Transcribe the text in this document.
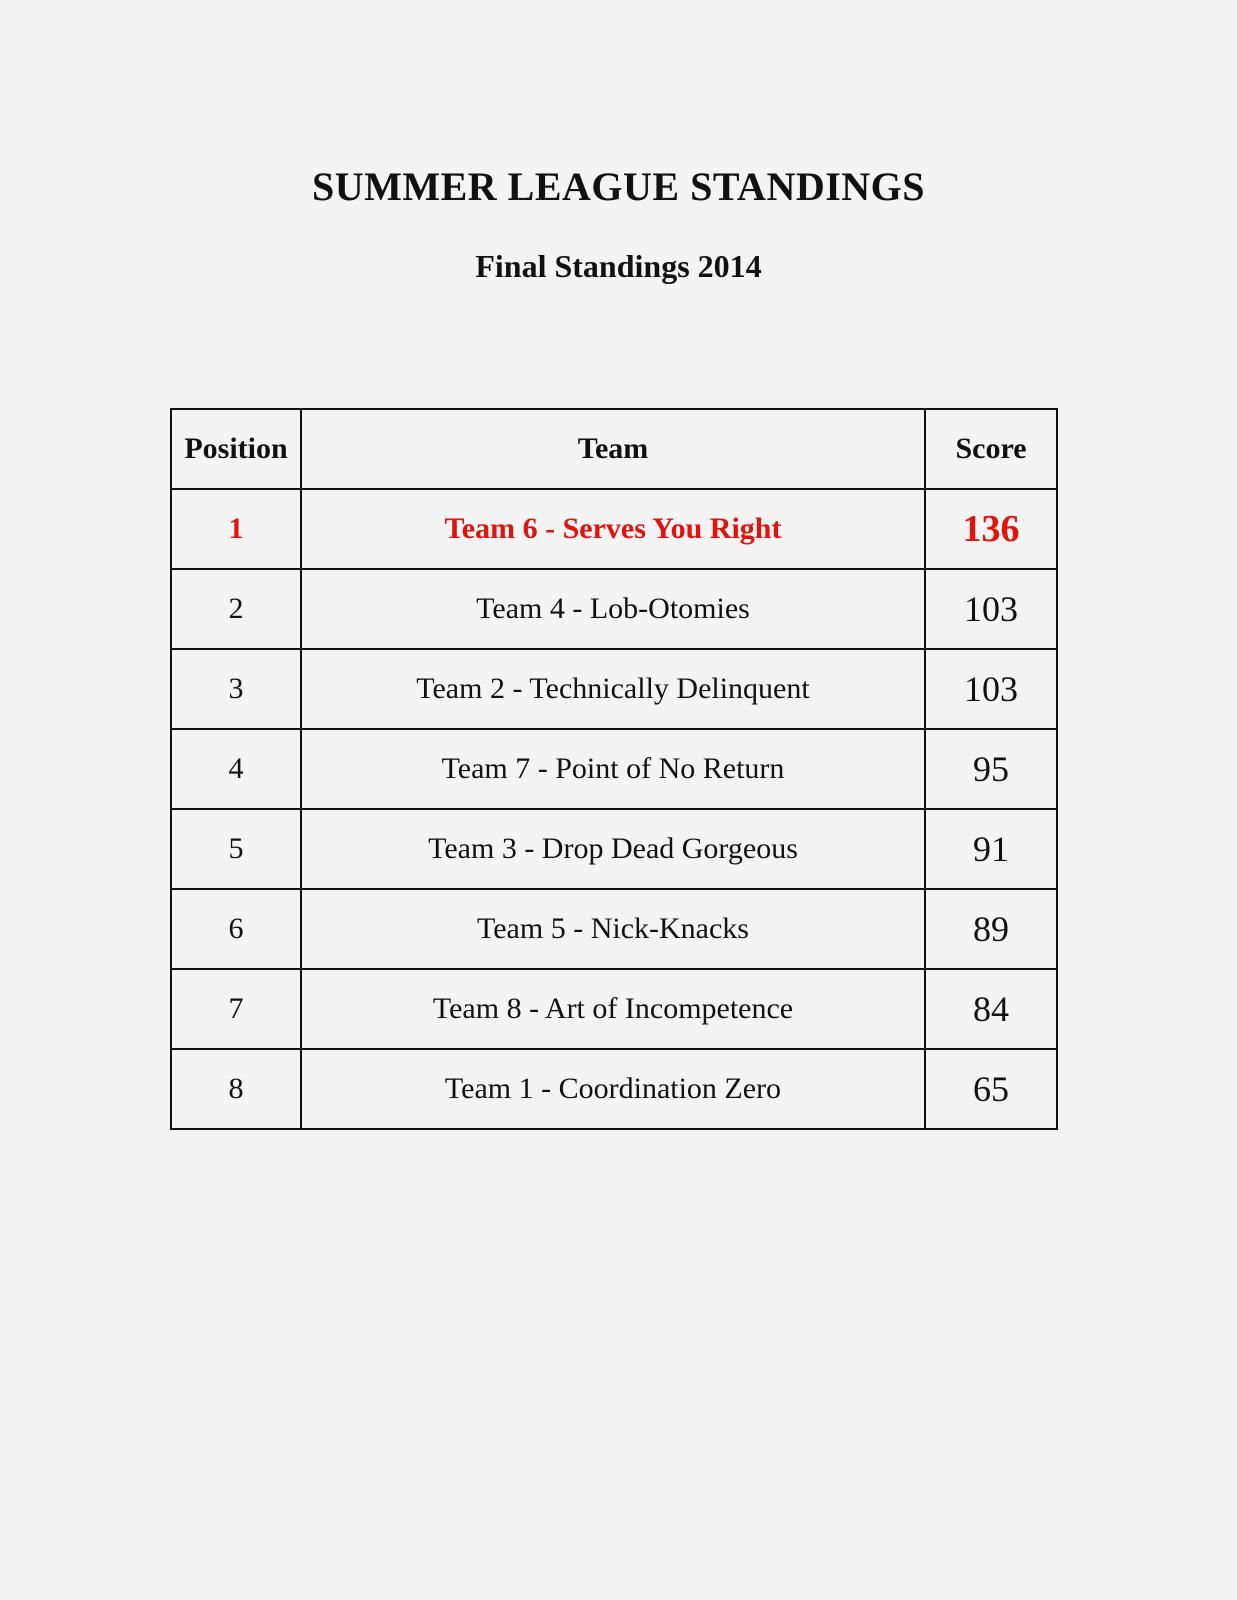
SUMMER LEAGUE STANDINGS
Final Standings 2014
Position	Team	Score
1	Team 6 - Serves You Right	136
2	Team 4 - Lob-Otomies	103
3	Team 2 - Technically Delinquent	103
4	Team 7 - Point of No Return	95
5	Team 3 - Drop Dead Gorgeous	91
6	Team 5 - Nick-Knacks	89
7	Team 8 - Art of Incompetence	84
8	Team 1 - Coordination Zero	65
